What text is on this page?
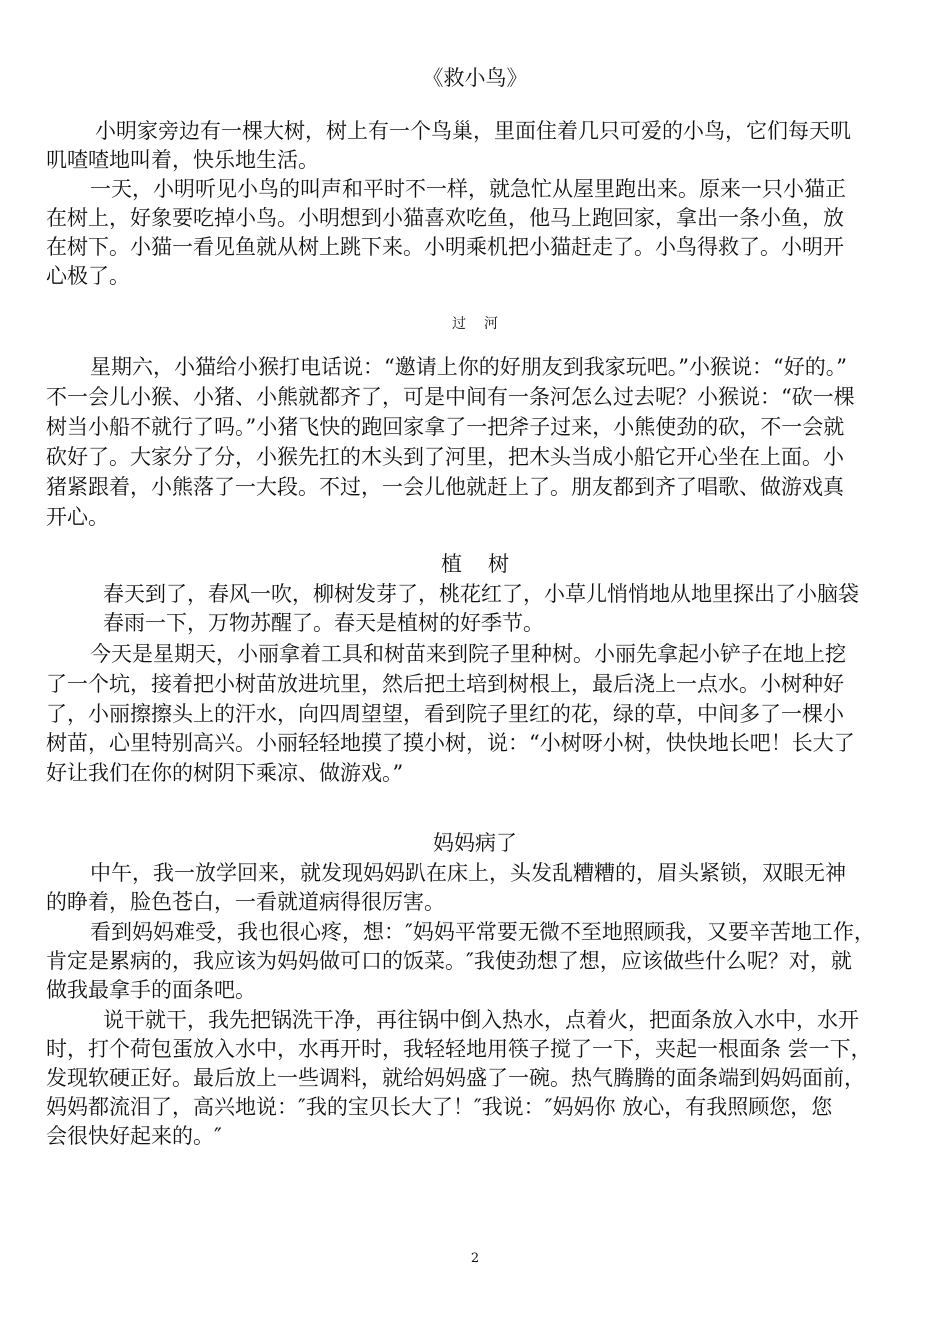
《救小鸟》
小明家旁边有一棵大树，树上有一个鸟巢，里面住着几只可爱的小鸟，它们每天叽
叽喳喳地叫着，快乐地生活。
一天，小明听见小鸟的叫声和平时不一样，就急忙从屋里跑出来。原来一只小猫正
在树上，好象要吃掉小鸟。小明想到小猫喜欢吃鱼，他马上跑回家，拿出一条小鱼，放
在树下。小猫一看见鱼就从树上跳下来。小明乘机把小猫赶走了。小鸟得救了。小明开
心极了。
过河
星期六，小猫给小猴打电话说：“邀请上你的好朋友到我家玩吧。”小猴说：“好的。”
不一会儿小猴、小猪、小熊就都齐了，可是中间有一条河怎么过去呢？小猴说：“砍一棵
树当小船不就行了吗。”小猪飞快的跑回家拿了一把斧子过来，小熊使劲的砍，不一会就
砍好了。大家分了分，小猴先扛的木头到了河里，把木头当成小船它开心坐在上面。小
猪紧跟着，小熊落了一大段。不过，一会儿他就赶上了。朋友都到齐了唱歌、做游戏真
开心。
植树
春天到了，春风一吹，柳树发芽了，桃花红了，小草儿悄悄地从地里探出了小脑袋
春雨一下，万物苏醒了。春天是植树的好季节。
今天是星期天，小丽拿着工具和树苗来到院子里种树。小丽先拿起小铲子在地上挖
了一个坑，接着把小树苗放进坑里，然后把土培到树根上，最后浇上一点水。小树种好
了，小丽擦擦头上的汗水，向四周望望，看到院子里红的花，绿的草，中间多了一棵小
树苗，心里特别高兴。小丽轻轻地摸了摸小树，说：“小树呀小树，快快地长吧！长大了
好让我们在你的树阴下乘凉、做游戏。”
妈妈病了
中午，我一放学回来，就发现妈妈趴在床上，头发乱糟糟的，眉头紧锁，双眼无神
的睁着，脸色苍白，一看就道病得很厉害。
看到妈妈难受，我也很心疼，想：″妈妈平常要无微不至地照顾我，又要辛苦地工作，
肯定是累病的，我应该为妈妈做可口的饭菜。″我使劲想了想，应该做些什么呢？对，就
做我最拿手的面条吧。
说干就干，我先把锅洗干净，再往锅中倒入热水，点着火，把面条放入水中，水开
时，打个荷包蛋放入水中，水再开时，我轻轻地用筷子搅了一下，夹起一根面条 尝一下，
发现软硬正好。最后放上一些调料，就给妈妈盛了一碗。热气腾腾的面条端到妈妈面前，
妈妈都流泪了，高兴地说：″我的宝贝长大了！″我说：″妈妈你 放心，有我照顾您，您
会很快好起来的。″
2
